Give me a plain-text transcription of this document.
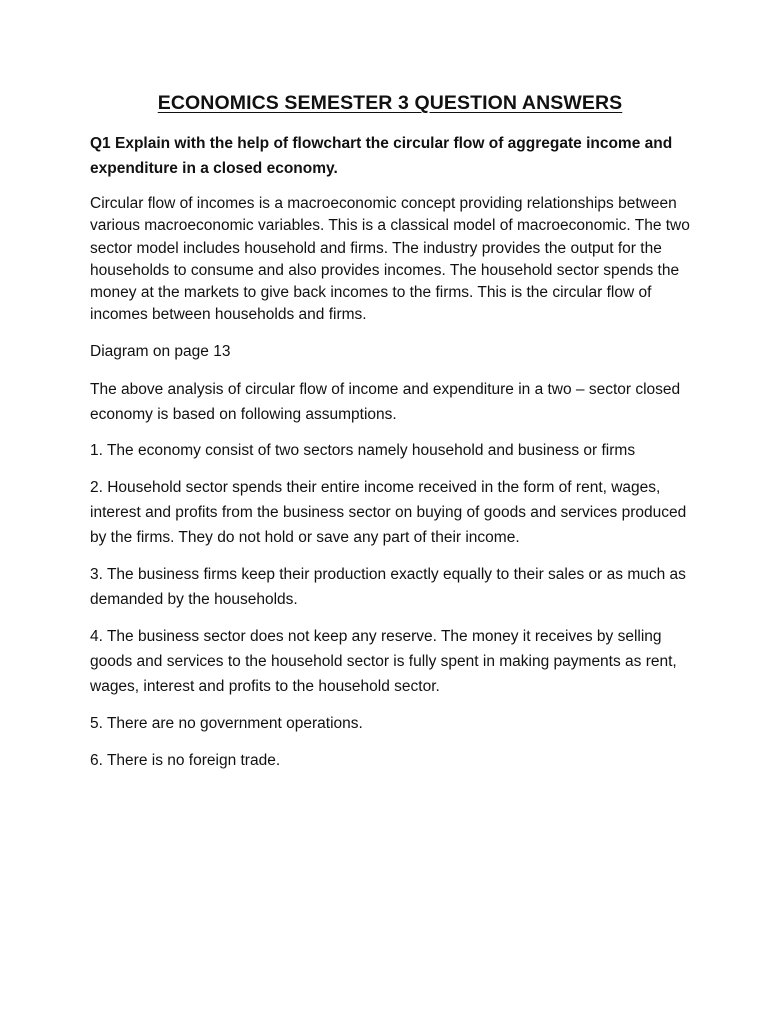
ECONOMICS SEMESTER 3 QUESTION ANSWERS

Q1 Explain with the help of flowchart the circular flow of aggregate income and expenditure in a closed economy.

Circular flow of incomes is a macroeconomic concept providing relationships between various macroeconomic variables. This is a classical model of macroeconomic. The two sector model includes household and firms. The industry provides the output for the households to consume and also provides incomes. The household sector spends the money at the markets to give back incomes to the firms. This is the circular flow of incomes between households and firms.

Diagram on page 13

The above analysis of circular flow of income and expenditure in a two – sector closed economy is based on following assumptions.

1. The economy consist of two sectors namely household and business or firms

2. Household sector spends their entire income received in the form of rent, wages, interest and profits from the business sector on buying of goods and services produced by the firms. They do not hold or save any part of their income.

3. The business firms keep their production exactly equally to their sales or as much as demanded by the households.

4. The business sector does not keep any reserve. The money it receives by selling goods and services to the household sector is fully spent in making payments as rent, wages, interest and profits to the household sector.

5. There are no government operations.

6. There is no foreign trade.
